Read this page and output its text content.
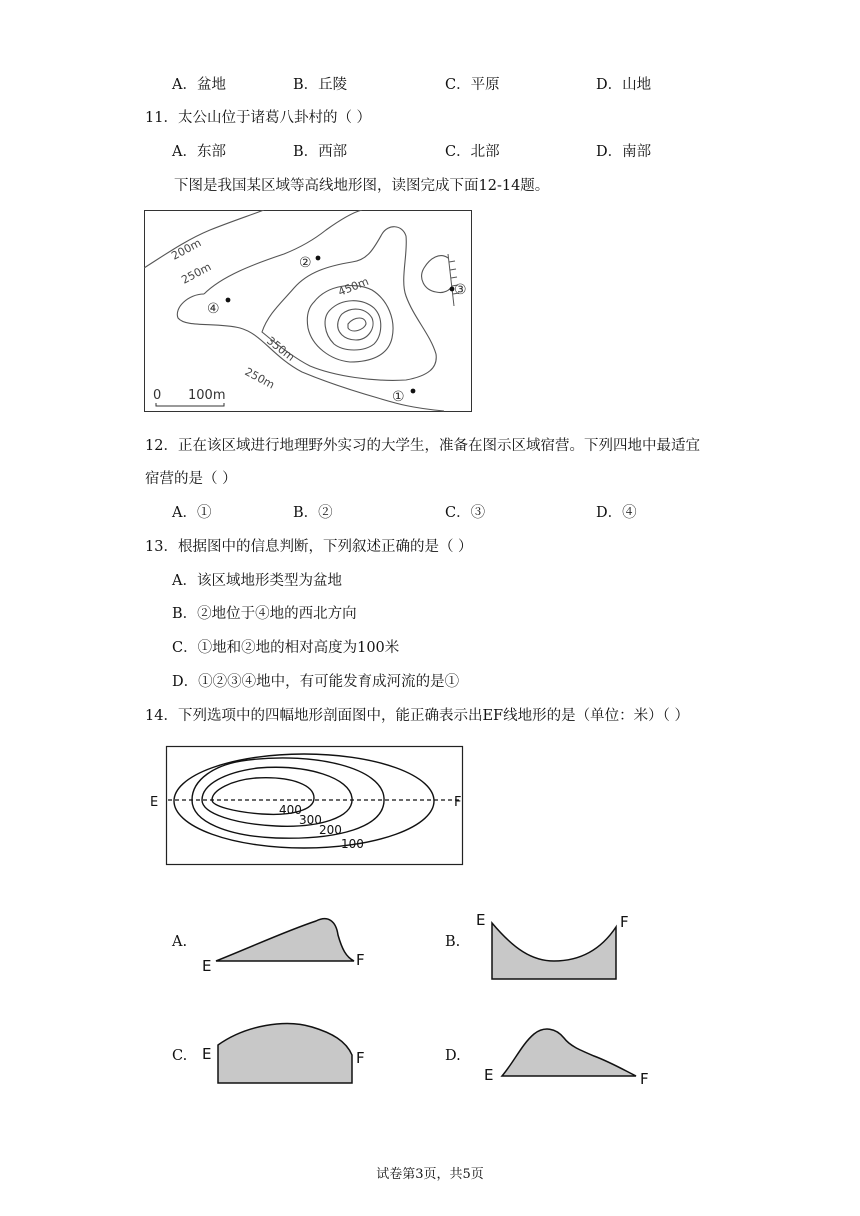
A．盆地	B．丘陵	C．平原	D．山地
11．太公山位于诸葛八卦村的（ ）
A．东部	B．西部	C．北部	D．南部
下图是我国某区域等高线地形图，读图完成下面12-14题。
200m
250m
450m
350m
250m
②
③
④
①
0 100m
12．正在该区域进行地理野外实习的大学生，准备在图示区域宿营。下列四地中最适宜
宿营的是（ ）
A．①	B．②	C．③	D．④
13．根据图中的信息判断，下列叙述正确的是（ ）
A．该区域地形类型为盆地
B．②地位于④地的西北方向
C．①地和②地的相对高度为100米
D．①②③④地中，有可能发育成河流的是①
14．下列选项中的四幅地形剖面图中，能正确表示出EF线地形的是（单位：米）（ ）
E	F
400
300
200
100
A.
E	F
B.
E	F
C. E	F	D.
E	F
试卷第3页，共5页
